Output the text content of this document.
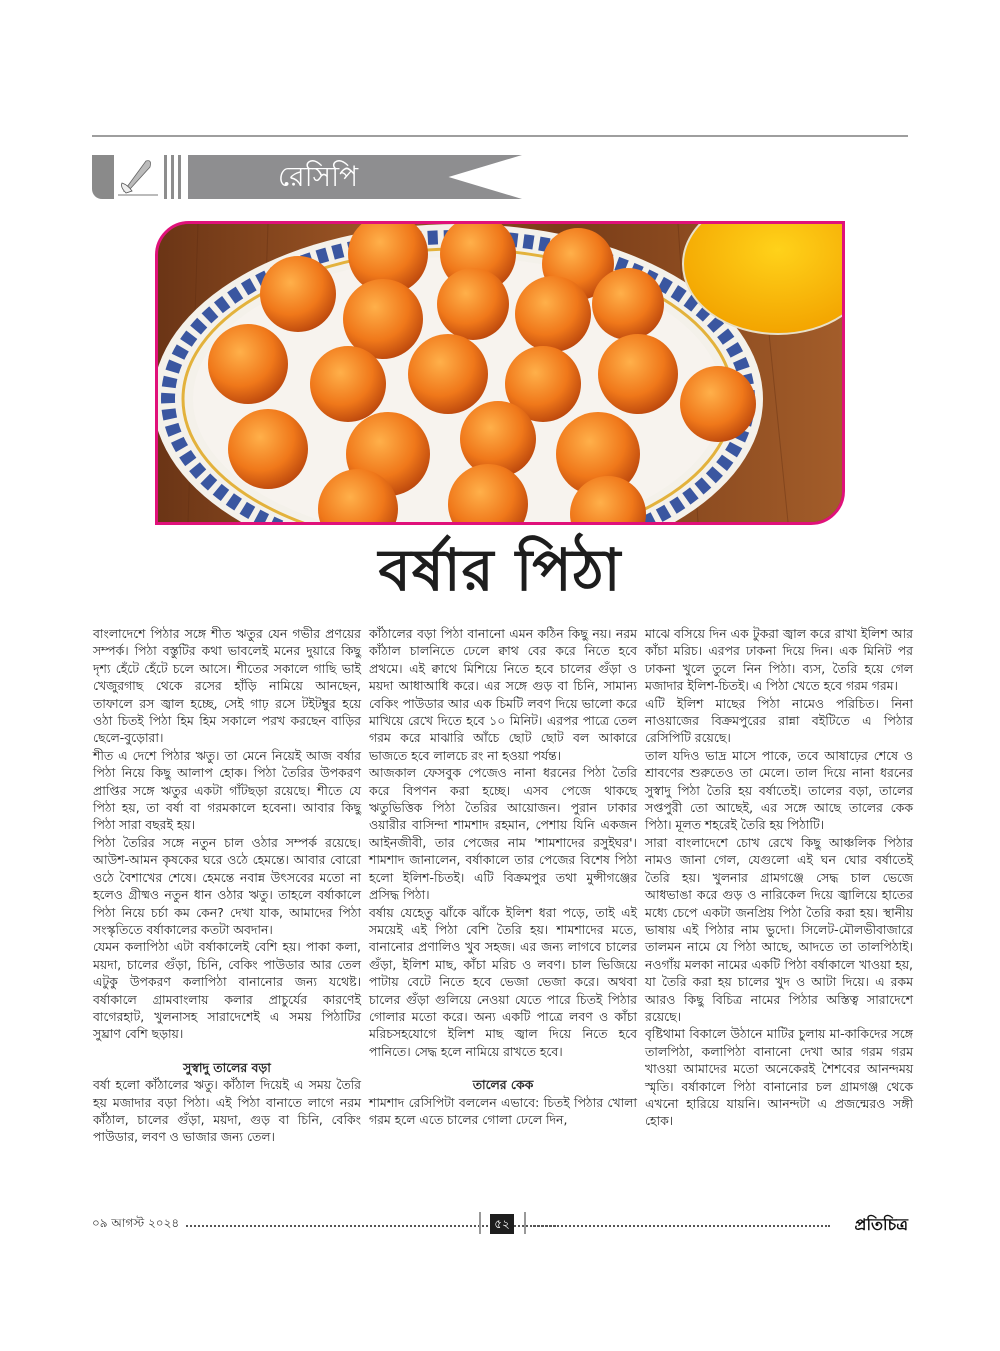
রেসিপি
বর্ষার পিঠা

বাংলাদেশে পিঠার সঙ্গে শীত ঋতুর যেন গভীর প্রণয়ের সম্পর্ক। পিঠা বস্তুটির কথা ভাবলেই মনের দুয়ারে কিছু দৃশ্য হেঁটে হেঁটে চলে আসে। শীতের সকালে গাছি ভাই খেজুরগাছ থেকে রসের হাঁড়ি নামিয়ে আনছেন, তাফালে রস জ্বাল হচ্ছে, সেই গাঢ় রসে টইটম্বুর হয়ে ওঠা চিতই পিঠা হিম হিম সকালে পরখ করছেন বাড়ির ছেলে-বুড়োরা।

শীত এ দেশে পিঠার ঋতু। তা মেনে নিয়েই আজ বর্ষার পিঠা নিয়ে কিছু আলাপ হোক। পিঠা তৈরির উপকরণ প্রাপ্তির সঙ্গে ঋতুর একটা গাঁটছড়া রয়েছে। শীতে যে পিঠা হয়, তা বর্ষা বা গরমকালে হবেনা। আবার কিছু পিঠা সারা বছরই হয়।

পিঠা তৈরির সঙ্গে নতুন চাল ওঠার সম্পর্ক রয়েছে। আউশ-আমন কৃষকের ঘরে ওঠে হেমন্তে। আবার বোরো ওঠে বৈশাখের শেষে। হেমন্তে নবান্ন উৎসবের মতো না হলেও গ্রীষ্মও নতুন ধান ওঠার ঋতু। তাহলে বর্ষাকালে পিঠা নিয়ে চর্চা কম কেন? দেখা যাক, আমাদের পিঠা সংস্কৃতিতে বর্ষাকালের কতটা অবদান।

যেমন কলাপিঠা এটা বর্ষাকালেই বেশি হয়। পাকা কলা, ময়দা, চালের গুঁড়া, চিনি, বেকিং পাউডার আর তেল এটুকু উপকরণ কলাপিঠা বানানোর জন্য যথেষ্ট। বর্ষাকালে গ্রামবাংলায় কলার প্রাচুর্যের কারণেই বাগেরহাট, খুলনাসহ সারাদেশেই এ সময় পিঠাটির সুঘ্রাণ বেশি ছড়ায়।

সুস্বাদু তালের বড়া

বর্ষা হলো কাঁঠালের ঋতু। কাঁঠাল দিয়েই এ সময় তৈরি হয় মজাদার বড়া পিঠা। এই পিঠা বানাতে লাগে নরম কাঁঠাল, চালের গুঁড়া, ময়দা, গুড় বা চিনি, বেকিং পাউডার, লবণ ও ভাজার জন্য তেল।

কাঁঠালের বড়া পিঠা বানানো এমন কঠিন কিছু নয়। নরম কাঁঠাল চালনিতে ঢেলে ক্বাথ বের করে নিতে হবে প্রথমে। এই ক্বাথে মিশিয়ে নিতে হবে চালের গুঁড়া ও ময়দা আধাআধি করে। এর সঙ্গে গুড় বা চিনি, সামান্য বেকিং পাউডার আর এক চিমটি লবণ দিয়ে ভালো করে মাখিয়ে রেখে দিতে হবে ১০ মিনিট। এরপর পাত্রে তেল গরম করে মাঝারি আঁচে ছোট ছোট বল আকারে ভাজতে হবে লালচে রং না হওয়া পর্যন্ত।

আজকাল ফেসবুক পেজেও নানা ধরনের পিঠা তৈরি করে বিপণন করা হচ্ছে। এসব পেজে থাকছে ঋতুভিত্তিক পিঠা তৈরির আয়োজন। পুরান ঢাকার ওয়ারীর বাসিন্দা শামশাদ রহমান, পেশায় যিনি একজন আইনজীবী, তার পেজের নাম 'শামশাদের রসুইঘর'। শামশাদ জানালেন, বর্ষাকালে তার পেজের বিশেষ পিঠা হলো ইলিশ-চিতই। এটি বিক্রমপুর তথা মুন্সীগঞ্জের প্রসিদ্ধ পিঠা।

বর্ষায় যেহেতু ঝাঁকে ঝাঁকে ইলিশ ধরা পড়ে, তাই এই সময়েই এই পিঠা বেশি তৈরি হয়। শামশাদের মতে, বানানোর প্রণালিও খুব সহজ। এর জন্য লাগবে চালের গুঁড়া, ইলিশ মাছ, কাঁচা মরিচ ও লবণ। চাল ভিজিয়ে পাটায় বেটে নিতে হবে ভেজা ভেজা করে। অথবা চালের গুঁড়া গুলিয়ে নেওয়া যেতে পারে চিতই পিঠার গোলার মতো করে। অন্য একটি পাত্রে লবণ ও কাঁচা মরিচসহযোগে ইলিশ মাছ জ্বাল দিয়ে নিতে হবে পানিতে। সেদ্ধ হলে নামিয়ে রাখতে হবে।

তালের কেক

শামশাদ রেসিপিটা বললেন এভাবে: চিতই পিঠার খোলা গরম হলে এতে চালের গোলা ঢেলে দিন,

মাঝে বসিয়ে দিন এক টুকরা জ্বাল করে রাখা ইলিশ আর কাঁচা মরিচ। এরপর ঢাকনা দিয়ে দিন। এক মিনিট পর ঢাকনা খুলে তুলে নিন পিঠা। ব্যস, তৈরি হয়ে গেল মজাদার ইলিশ-চিতই। এ পিঠা খেতে হবে গরম গরম।

এটি ইলিশ মাছের পিঠা নামেও পরিচিত। নিনা নাওয়াজের বিক্রমপুরের রান্না বইটিতে এ পিঠার রেসিপিটি রয়েছে।

তাল যদিও ভাদ্র মাসে পাকে, তবে আষাঢ়ের শেষে ও শ্রাবণের শুরুতেও তা মেলে। তাল দিয়ে নানা ধরনের সুস্বাদু পিঠা তৈরি হয় বর্ষাতেই। তালের বড়া, তালের সপ্তপুরী তো আছেই, এর সঙ্গে আছে তালের কেক পিঠা। মূলত শহরেই তৈরি হয় পিঠাটি।

সারা বাংলাদেশে চোখ রেখে কিছু আঞ্চলিক পিঠার নামও জানা গেল, যেগুলো এই ঘন ঘোর বর্ষাতেই তৈরি হয়। খুলনার গ্রামগঞ্জে সেদ্ধ চাল ভেজে আধভাঙা করে গুড় ও নারিকেল দিয়ে জ্বালিয়ে হাতের মধ্যে চেপে একটা জনপ্রিয় পিঠা তৈরি করা হয়। স্থানীয় ভাষায় এই পিঠার নাম ভুদো। সিলেট-মৌলভীবাজারে তালমন নামে যে পিঠা আছে, আদতে তা তালপিঠাই। নওগাঁয় মলকা নামের একটি পিঠা বর্ষাকালে খাওয়া হয়, যা তৈরি করা হয় চালের খুদ ও আটা দিয়ে। এ রকম আরও কিছু বিচিত্র নামের পিঠার অস্তিত্ব সারাদেশে রয়েছে।

বৃষ্টিথামা বিকালে উঠানে মাটির চুলায় মা-কাকিদের সঙ্গে তালপিঠা, কলাপিঠা বানানো দেখা আর গরম গরম খাওয়া আমাদের মতো অনেকেরই শৈশবের আনন্দময় স্মৃতি। বর্ষাকালে পিঠা বানানোর চল গ্রামগঞ্জ থেকে এখনো হারিয়ে যায়নি। আনন্দটা এ প্রজন্মেরও সঙ্গী হোক।

০৯ আগস্ট ২০২৪	৫২	প্রতিচিত্র
